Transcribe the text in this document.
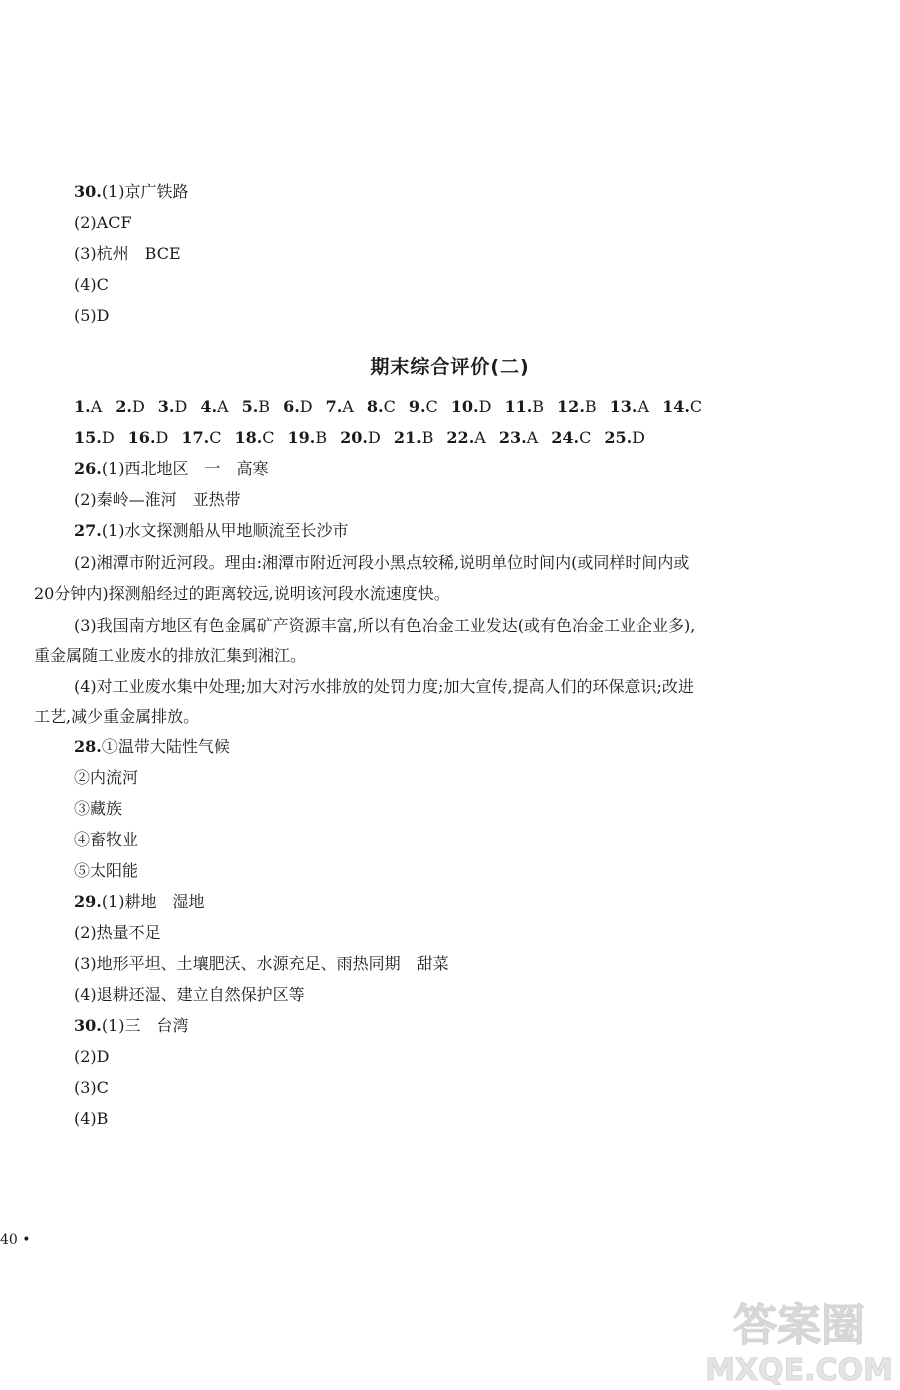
30.(1)京广铁路
(2)ACF
(3)杭州　BCE
(4)C
(5)D
期末综合评价(二)
1.A 2.D 3.D 4.A 5.B 6.D 7.A 8.C 9.C 10.D 11.B 12.B 13.A 14.C
15.D 16.D 17.C 18.C 19.B 20.D 21.B 22.A 23.A 24.C 25.D
26.(1)西北地区　一　高寒
(2)秦岭—淮河　亚热带
27.(1)水文探测船从甲地顺流至长沙市
(2)湘潭市附近河段。理由:湘潭市附近河段小黑点较稀,说明单位时间内(或同样时间内或
20分钟内)探测船经过的距离较远,说明该河段水流速度快。
(3)我国南方地区有色金属矿产资源丰富,所以有色冶金工业发达(或有色冶金工业企业多),
重金属随工业废水的排放汇集到湘江。
(4)对工业废水集中处理;加大对污水排放的处罚力度;加大宣传,提高人们的环保意识;改进
工艺,减少重金属排放。
28.①温带大陆性气候
②内流河
③藏族
④畜牧业
⑤太阳能
29.(1)耕地　湿地
(2)热量不足
(3)地形平坦、土壤肥沃、水源充足、雨热同期　甜菜
(4)退耕还湿、建立自然保护区等
30.(1)三　台湾
(2)D
(3)C
(4)B
40 •
答案圈
MXQE.COM
